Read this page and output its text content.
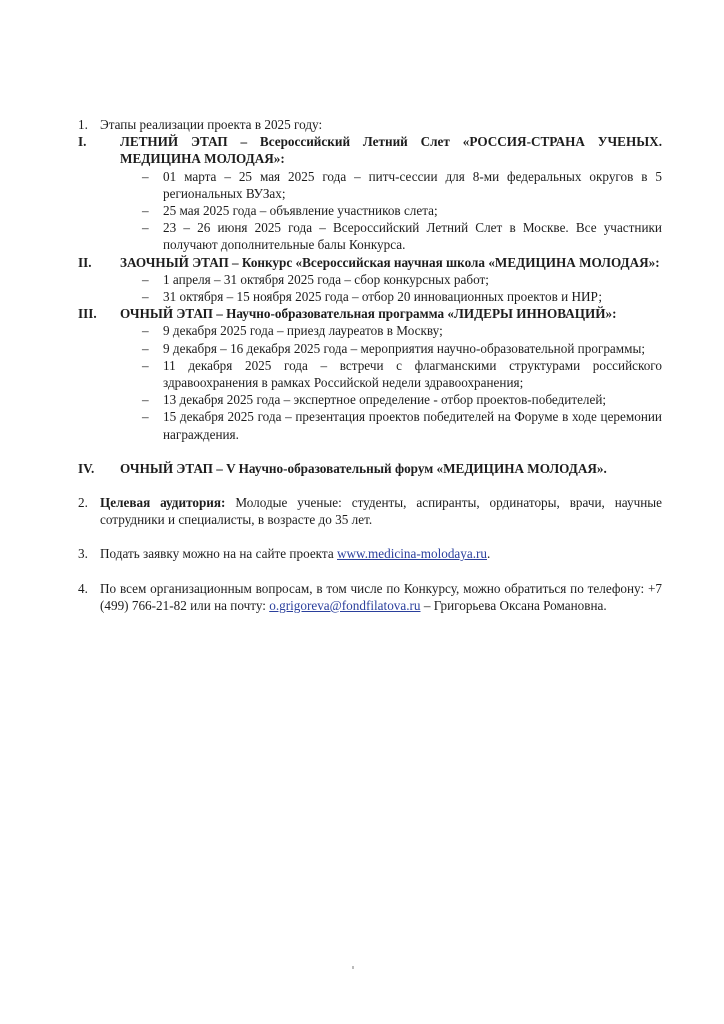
1. Этапы реализации проекта в 2025 году:
I.	ЛЕТНИЙ ЭТАП – Всероссийский Летний Слет «РОССИЯ-СТРАНА УЧЕНЫХ. МЕДИЦИНА МОЛОДАЯ»:
–	01 марта – 25 мая 2025 года – питч-сессии для 8-ми федеральных округов в 5 региональных ВУЗах;
–	25 мая 2025 года – объявление участников слета;
–	23 – 26 июня 2025 года – Всероссийский Летний Слет в Москве. Все участники получают дополнительные балы Конкурса.
II.	ЗАОЧНЫЙ ЭТАП – Конкурс «Всероссийская научная школа «МЕДИЦИНА МОЛОДАЯ»:
–	1 апреля – 31 октября 2025 года – сбор конкурсных работ;
–	31 октября – 15 ноября 2025 года – отбор 20 инновационных проектов и НИР;
III.	ОЧНЫЙ ЭТАП – Научно-образовательная программа «ЛИДЕРЫ ИННОВАЦИЙ»:
–	9 декабря 2025 года – приезд лауреатов в Москву;
–	9 декабря – 16 декабря 2025 года – мероприятия научно-образовательной программы;
–	11 декабря 2025 года – встречи с флагманскими структурами российского здравоохранения в рамках Российской недели здравоохранения;
–	13 декабря 2025 года – экспертное определение - отбор проектов-победителей;
–	15 декабря 2025 года – презентация проектов победителей на Форуме в ходе церемонии награждения.
IV.	ОЧНЫЙ ЭТАП – V Научно-образовательный форум «МЕДИЦИНА МОЛОДАЯ».
2. Целевая аудитория: Молодые ученые: студенты, аспиранты, ординаторы, врачи, научные сотрудники и специалисты, в возрасте до 35 лет.
3. Подать заявку можно на на сайте проекта www.medicina-molodaya.ru.
4. По всем организационным вопросам, в том числе по Конкурсу, можно обратиться по телефону: +7 (499) 766-21-82 или на почту: o.grigoreva@fondfilatova.ru – Григорьева Оксана Романовна.
